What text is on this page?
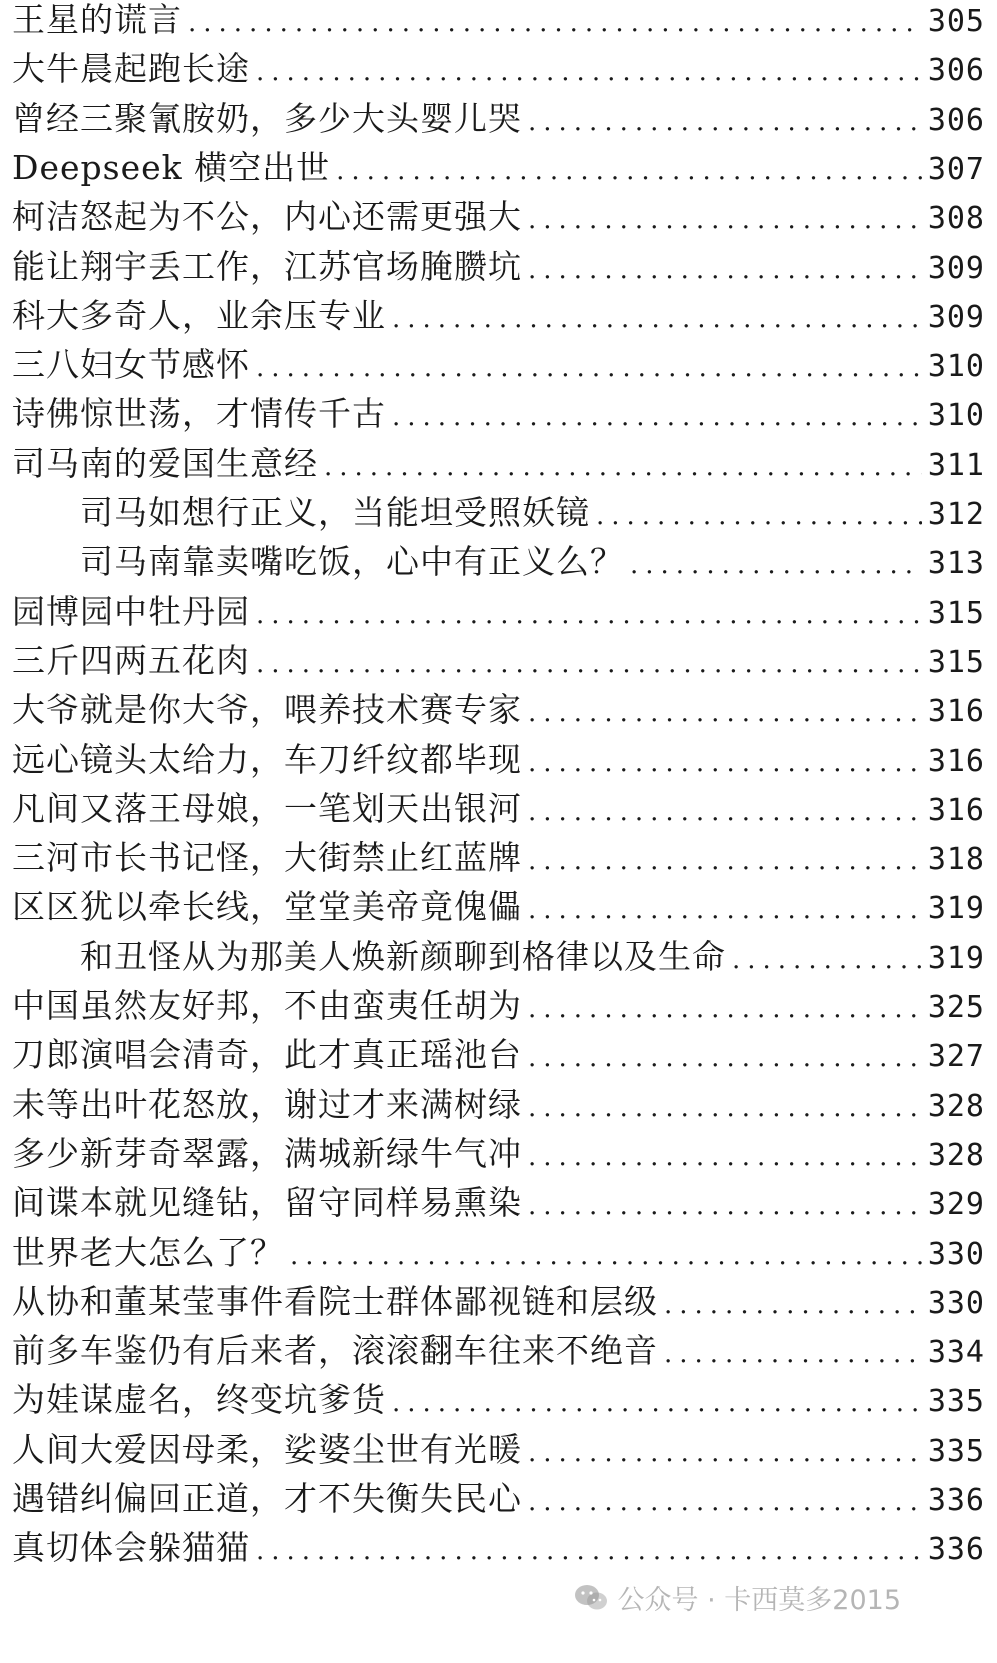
王星的谎言 .....	305
大牛晨起跑长途 .....	306
曾经三聚氰胺奶，多少大头婴儿哭 .....	306
Deepseek 横空出世 .....	307
柯洁怒起为不公，内心还需更强大 .....	308
能让翔宇丢工作，江苏官场腌臜坑 .....	309
科大多奇人，业余压专业 .....	309
三八妇女节感怀 .....	310
诗佛惊世荡，才情传千古 .....	310
司马南的爱国生意经 .....	311
司马如想行正义，当能坦受照妖镜 .....	312
司马南靠卖嘴吃饭，心中有正义么？ .....	313
园博园中牡丹园 .....	315
三斤四两五花肉 .....	315
大爷就是你大爷，喂养技术赛专家 .....	316
远心镜头太给力，车刀纤纹都毕现 .....	316
凡间又落王母娘，一笔划天出银河 .....	316
三河市长书记怪，大街禁止红蓝牌 .....	318
区区犹以牵长线，堂堂美帝竟傀儡 .....	319
和丑怪从为那美人焕新颜聊到格律以及生命 .....	319
中国虽然友好邦，不由蛮夷任胡为 .....	325
刀郎演唱会清奇，此才真正瑶池台 .....	327
未等出叶花怒放，谢过才来满树绿 .....	328
多少新芽奇翠露，满城新绿牛气冲 .....	328
间谍本就见缝钻，留守同样易熏染 .....	329
世界老大怎么了？ .....	330
从协和董某莹事件看院士群体鄙视链和层级 .....	330
前多车鉴仍有后来者，滚滚翻车往来不绝音 .....	334
为娃谋虚名，终变坑爹货 .....	335
人间大爱因母柔，娑婆尘世有光暖 .....	335
遇错纠偏回正道，才不失衡失民心 .....	336
真切体会躲猫猫 .....	336
公众号 · 卡西莫多2015
